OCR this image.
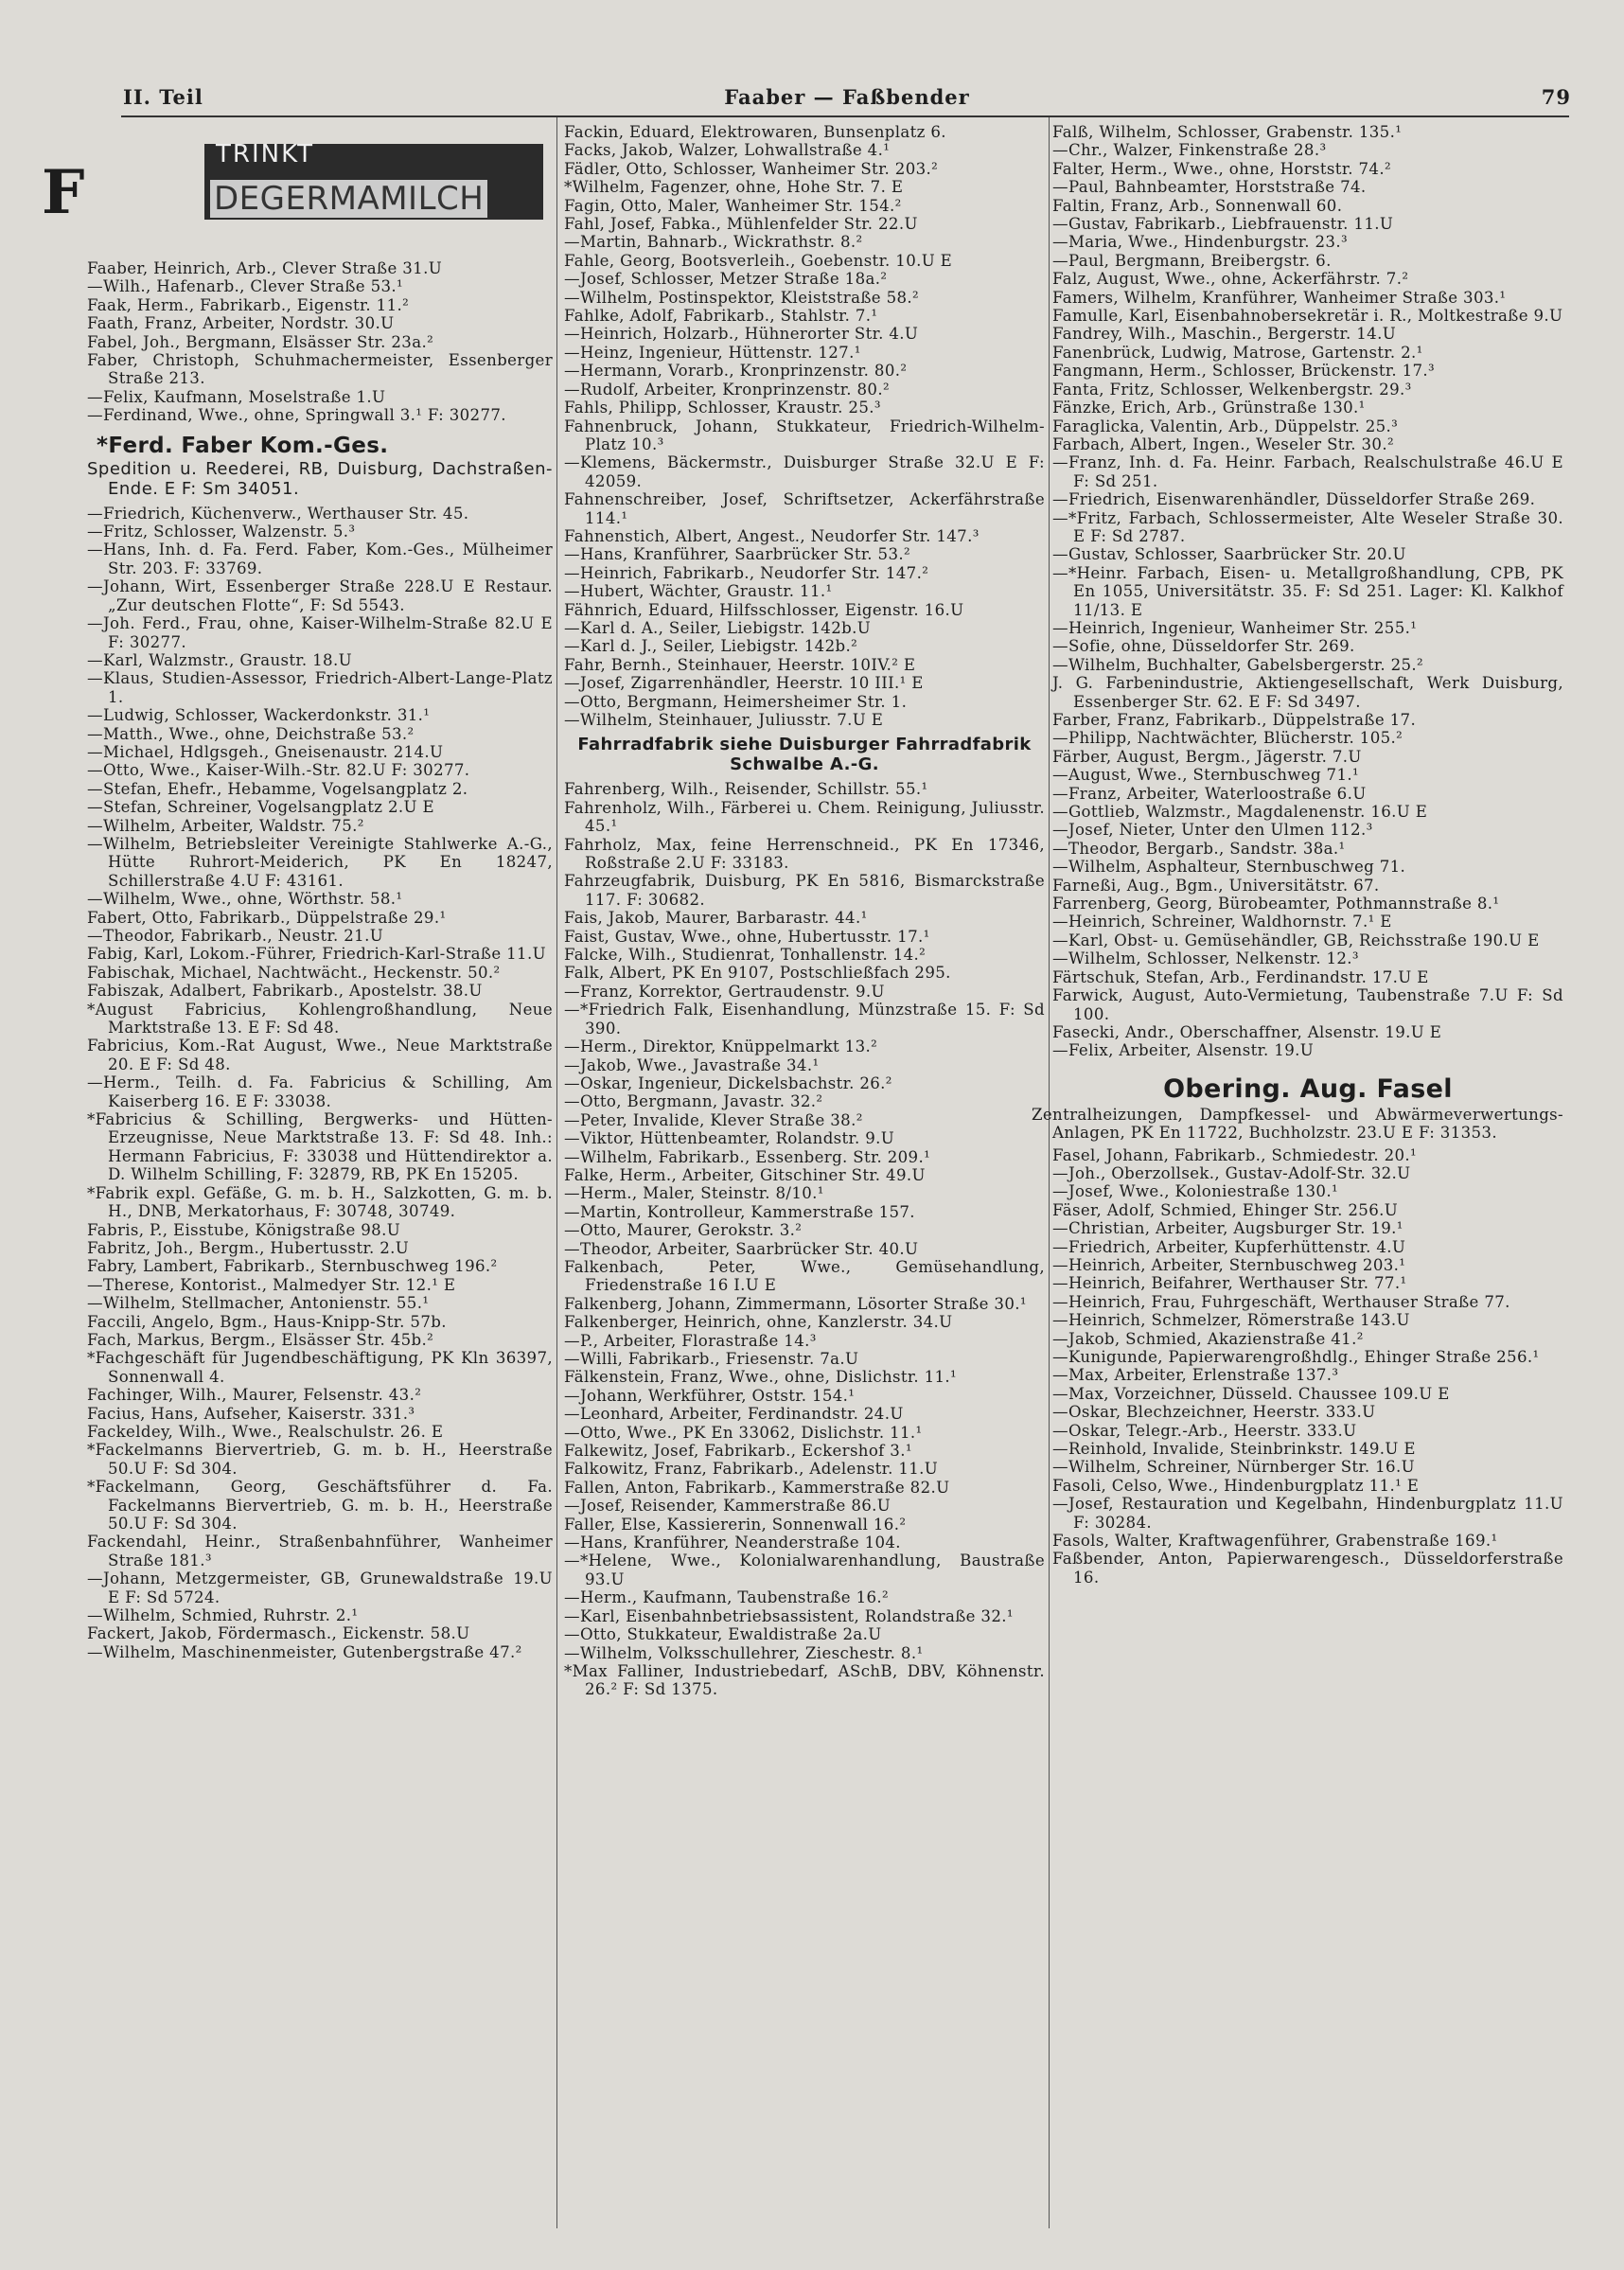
II. Teil	Faaber — Faßbender	79
TRINKT
DEGERMAMILCH
F
Faaber, Heinrich, Arb., Clever Straße 31.U
—Wilh., Hafenarb., Clever Straße 53.¹
Faak, Herm., Fabrikarb., Eigenstr. 11.²
Faath, Franz, Arbeiter, Nordstr. 30.U
Fabel, Joh., Bergmann, Elsässer Str. 23a.²
Faber, Christoph, Schuhmachermeister, Essenberger Straße 213.
—Felix, Kaufmann, Moselstraße 1.U
—Ferdinand, Wwe., ohne, Springwall 3.¹ F: 30277.
*Ferd. Faber Kom.-Ges.
Spedition u. Reederei, RB, Duisburg, Dachstraßen-Ende. E F: Sm 34051.
—Friedrich, Küchenverw., Werthauser Str. 45.
—Fritz, Schlosser, Walzenstr. 5.³
—Hans, Inh. d. Fa. Ferd. Faber, Kom.-Ges., Mülheimer Str. 203. F: 33769.
—Johann, Wirt, Essenberger Straße 228.U E Restaur. „Zur deutschen Flotte“, F: Sd 5543.
—Joh. Ferd., Frau, ohne, Kaiser-Wilhelm-Straße 82.U E F: 30277.
—Karl, Walzmstr., Graustr. 18.U
—Klaus, Studien-Assessor, Friedrich-Albert-Lange-Platz 1.
—Ludwig, Schlosser, Wackerdonkstr. 31.¹
—Matth., Wwe., ohne, Deichstraße 53.²
—Michael, Hdlgsgeh., Gneisenaustr. 214.U
—Otto, Wwe., Kaiser-Wilh.-Str. 82.U F: 30277.
—Stefan, Ehefr., Hebamme, Vogelsangplatz 2.
—Stefan, Schreiner, Vogelsangplatz 2.U E
—Wilhelm, Arbeiter, Waldstr. 75.²
—Wilhelm, Betriebsleiter Vereinigte Stahlwerke A.-G., Hütte Ruhrort-Meiderich, PK En 18247, Schillerstraße 4.U F: 43161.
—Wilhelm, Wwe., ohne, Wörthstr. 58.¹
Fabert, Otto, Fabrikarb., Düppelstraße 29.¹
—Theodor, Fabrikarb., Neustr. 21.U
Fabig, Karl, Lokom.-Führer, Friedrich-Karl-Straße 11.U
Fabischak, Michael, Nachtwächt., Heckenstr. 50.²
Fabiszak, Adalbert, Fabrikarb., Apostelstr. 38.U
*August Fabricius, Kohlengroßhandlung, Neue Marktstraße 13. E F: Sd 48.
Fabricius, Kom.-Rat August, Wwe., Neue Marktstraße 20. E F: Sd 48.
—Herm., Teilh. d. Fa. Fabricius & Schilling, Am Kaiserberg 16. E F: 33038.
*Fabricius & Schilling, Bergwerks- und Hütten-Erzeugnisse, Neue Marktstraße 13. F: Sd 48. Inh.: Hermann Fabricius, F: 33038 und Hüttendirektor a. D. Wilhelm Schilling, F: 32879, RB, PK En 15205.
*Fabrik expl. Gefäße, G. m. b. H., Salzkotten, G. m. b. H., DNB, Merkatorhaus, F: 30748, 30749.
Fabris, P., Eisstube, Königstraße 98.U
Fabritz, Joh., Bergm., Hubertusstr. 2.U
Fabry, Lambert, Fabrikarb., Sternbuschweg 196.²
—Therese, Kontorist., Malmedyer Str. 12.¹ E
—Wilhelm, Stellmacher, Antonienstr. 55.¹
Faccili, Angelo, Bgm., Haus-Knipp-Str. 57b.
Fach, Markus, Bergm., Elsässer Str. 45b.²
*Fachgeschäft für Jugendbeschäftigung, PK Kln 36397, Sonnenwall 4.
Fachinger, Wilh., Maurer, Felsenstr. 43.²
Facius, Hans, Aufseher, Kaiserstr. 331.³
Fackeldey, Wilh., Wwe., Realschulstr. 26. E
*Fackelmanns Biervertrieb, G. m. b. H., Heerstraße 50.U F: Sd 304.
*Fackelmann, Georg, Geschäftsführer d. Fa. Fackelmanns Biervertrieb, G. m. b. H., Heerstraße 50.U F: Sd 304.
Fackendahl, Heinr., Straßenbahnführer, Wanheimer Straße 181.³
—Johann, Metzgermeister, GB, Grunewaldstraße 19.U E F: Sd 5724.
—Wilhelm, Schmied, Ruhrstr. 2.¹
Fackert, Jakob, Fördermasch., Eickenstr. 58.U
—Wilhelm, Maschinenmeister, Gutenbergstraße 47.²
Fackin, Eduard, Elektrowaren, Bunsenplatz 6.
Facks, Jakob, Walzer, Lohwallstraße 4.¹
Fädler, Otto, Schlosser, Wanheimer Str. 203.²
*Wilhelm, Fagenzer, ohne, Hohe Str. 7. E
Fagin, Otto, Maler, Wanheimer Str. 154.²
Fahl, Josef, Fabka., Mühlenfelder Str. 22.U
—Martin, Bahnarb., Wickrathstr. 8.²
Fahle, Georg, Bootsverleih., Goebenstr. 10.U E
—Josef, Schlosser, Metzer Straße 18a.²
—Wilhelm, Postinspektor, Kleiststraße 58.²
Fahlke, Adolf, Fabrikarb., Stahlstr. 7.¹
—Heinrich, Holzarb., Hühnerorter Str. 4.U
—Heinz, Ingenieur, Hüttenstr. 127.¹
—Hermann, Vorarb., Kronprinzenstr. 80.²
—Rudolf, Arbeiter, Kronprinzenstr. 80.²
Fahls, Philipp, Schlosser, Kraustr. 25.³
Fahnenbruck, Johann, Stukkateur, Friedrich-Wilhelm-Platz 10.³
—Klemens, Bäckermstr., Duisburger Straße 32.U E F: 42059.
Fahnenschreiber, Josef, Schriftsetzer, Ackerfährstraße 114.¹
Fahnenstich, Albert, Angest., Neudorfer Str. 147.³
—Hans, Kranführer, Saarbrücker Str. 53.²
—Heinrich, Fabrikarb., Neudorfer Str. 147.²
—Hubert, Wächter, Graustr. 11.¹
Fähnrich, Eduard, Hilfsschlosser, Eigenstr. 16.U
—Karl d. A., Seiler, Liebigstr. 142b.U
—Karl d. J., Seiler, Liebigstr. 142b.²
Fahr, Bernh., Steinhauer, Heerstr. 10IV.² E
—Josef, Zigarrenhändler, Heerstr. 10 III.¹ E
—Otto, Bergmann, Heimersheimer Str. 1.
—Wilhelm, Steinhauer, Juliusstr. 7.U E
Fahrradfabrik siehe Duisburger Fahrradfabrik Schwalbe A.-G.
Fahrenberg, Wilh., Reisender, Schillstr. 55.¹
Fahrenholz, Wilh., Färberei u. Chem. Reinigung, Juliusstr. 45.¹
Fahrholz, Max, feine Herrenschneid., PK En 17346, Roßstraße 2.U F: 33183.
Fahrzeugfabrik, Duisburg, PK En 5816, Bismarckstraße 117. F: 30682.
Fais, Jakob, Maurer, Barbarastr. 44.¹
Faist, Gustav, Wwe., ohne, Hubertusstr. 17.¹
Falcke, Wilh., Studienrat, Tonhallenstr. 14.²
Falk, Albert, PK En 9107, Postschließfach 295.
—Franz, Korrektor, Gertraudenstr. 9.U
—*Friedrich Falk, Eisenhandlung, Münzstraße 15. F: Sd 390.
—Herm., Direktor, Knüppelmarkt 13.²
—Jakob, Wwe., Javastraße 34.¹
—Oskar, Ingenieur, Dickelsbachstr. 26.²
—Otto, Bergmann, Javastr. 32.²
—Peter, Invalide, Klever Straße 38.²
—Viktor, Hüttenbeamter, Rolandstr. 9.U
—Wilhelm, Fabrikarb., Essenberg. Str. 209.¹
Falke, Herm., Arbeiter, Gitschiner Str. 49.U
—Herm., Maler, Steinstr. 8/10.¹
—Martin, Kontrolleur, Kammerstraße 157.
—Otto, Maurer, Gerokstr. 3.²
—Theodor, Arbeiter, Saarbrücker Str. 40.U
Falkenbach, Peter, Wwe., Gemüsehandlung, Friedenstraße 16 I.U E
Falkenberg, Johann, Zimmermann, Lösorter Straße 30.¹
Falkenberger, Heinrich, ohne, Kanzlerstr. 34.U
—P., Arbeiter, Florastraße 14.³
—Willi, Fabrikarb., Friesenstr. 7a.U
Fälkenstein, Franz, Wwe., ohne, Dislichstr. 11.¹
—Johann, Werkführer, Oststr. 154.¹
—Leonhard, Arbeiter, Ferdinandstr. 24.U
—Otto, Wwe., PK En 33062, Dislichstr. 11.¹
Falkewitz, Josef, Fabrikarb., Eckershof 3.¹
Falkowitz, Franz, Fabrikarb., Adelenstr. 11.U
Fallen, Anton, Fabrikarb., Kammerstraße 82.U
—Josef, Reisender, Kammerstraße 86.U
Faller, Else, Kassiererin, Sonnenwall 16.²
—Hans, Kranführer, Neanderstraße 104.
—*Helene, Wwe., Kolonialwarenhandlung, Baustraße 93.U
—Herm., Kaufmann, Taubenstraße 16.²
—Karl, Eisenbahnbetriebsassistent, Rolandstraße 32.¹
—Otto, Stukkateur, Ewaldistraße 2a.U
—Wilhelm, Volksschullehrer, Zieschestr. 8.¹
*Max Falliner, Industriebedarf, ASchB, DBV, Köhnenstr. 26.² F: Sd 1375.
Falß, Wilhelm, Schlosser, Grabenstr. 135.¹
—Chr., Walzer, Finkenstraße 28.³
Falter, Herm., Wwe., ohne, Horststr. 74.²
—Paul, Bahnbeamter, Horststraße 74.
Faltin, Franz, Arb., Sonnenwall 60.
—Gustav, Fabrikarb., Liebfrauenstr. 11.U
—Maria, Wwe., Hindenburgstr. 23.³
—Paul, Bergmann, Breibergstr. 6.
Falz, August, Wwe., ohne, Ackerfährstr. 7.²
Famers, Wilhelm, Kranführer, Wanheimer Straße 303.¹
Famulle, Karl, Eisenbahnobersekretär i. R., Moltkestraße 9.U
Fandrey, Wilh., Maschin., Bergerstr. 14.U
Fanenbrück, Ludwig, Matrose, Gartenstr. 2.¹
Fangmann, Herm., Schlosser, Brückenstr. 17.³
Fanta, Fritz, Schlosser, Welkenbergstr. 29.³
Fänzke, Erich, Arb., Grünstraße 130.¹
Faraglicka, Valentin, Arb., Düppelstr. 25.³
Farbach, Albert, Ingen., Weseler Str. 30.²
—Franz, Inh. d. Fa. Heinr. Farbach, Realschulstraße 46.U E F: Sd 251.
—Friedrich, Eisenwarenhändler, Düsseldorfer Straße 269.
—*Fritz, Farbach, Schlossermeister, Alte Weseler Straße 30. E F: Sd 2787.
—Gustav, Schlosser, Saarbrücker Str. 20.U
—*Heinr. Farbach, Eisen- u. Metallgroßhandlung, CPB, PK En 1055, Universitätstr. 35. F: Sd 251. Lager: Kl. Kalkhof 11/13. E
—Heinrich, Ingenieur, Wanheimer Str. 255.¹
—Sofie, ohne, Düsseldorfer Str. 269.
—Wilhelm, Buchhalter, Gabelsbergerstr. 25.²
J. G. Farbenindustrie, Aktiengesellschaft, Werk Duisburg, Essenberger Str. 62. E F: Sd 3497.
Farber, Franz, Fabrikarb., Düppelstraße 17.
—Philipp, Nachtwächter, Blücherstr. 105.²
Färber, August, Bergm., Jägerstr. 7.U
—August, Wwe., Sternbuschweg 71.¹
—Franz, Arbeiter, Waterloostraße 6.U
—Gottlieb, Walzmstr., Magdalenenstr. 16.U E
—Josef, Nieter, Unter den Ulmen 112.³
—Theodor, Bergarb., Sandstr. 38a.¹
—Wilhelm, Asphalteur, Sternbuschweg 71.
Farneßi, Aug., Bgm., Universitätstr. 67.
Farrenberg, Georg, Bürobeamter, Pothmannstraße 8.¹
—Heinrich, Schreiner, Waldhornstr. 7.¹ E
—Karl, Obst- u. Gemüsehändler, GB, Reichsstraße 190.U E
—Wilhelm, Schlosser, Nelkenstr. 12.³
Färtschuk, Stefan, Arb., Ferdinandstr. 17.U E
Farwick, August, Auto-Vermietung, Taubenstraße 7.U F: Sd 100.
Fasecki, Andr., Oberschaffner, Alsenstr. 19.U E
—Felix, Arbeiter, Alsenstr. 19.U
Obering. Aug. Fasel
Zentralheizungen, Dampfkessel- und Abwärmeverwertungs-Anlagen, PK En 11722, Buchholzstr. 23.U E F: 31353.
Fasel, Johann, Fabrikarb., Schmiedestr. 20.¹
—Joh., Oberzollsek., Gustav-Adolf-Str. 32.U
—Josef, Wwe., Koloniestraße 130.¹
Fäser, Adolf, Schmied, Ehinger Str. 256.U
—Christian, Arbeiter, Augsburger Str. 19.¹
—Friedrich, Arbeiter, Kupferhüttenstr. 4.U
—Heinrich, Arbeiter, Sternbuschweg 203.¹
—Heinrich, Beifahrer, Werthauser Str. 77.¹
—Heinrich, Frau, Fuhrgeschäft, Werthauser Straße 77.
—Heinrich, Schmelzer, Römerstraße 143.U
—Jakob, Schmied, Akazienstraße 41.²
—Kunigunde, Papierwarengroßhdlg., Ehinger Straße 256.¹
—Max, Arbeiter, Erlenstraße 137.³
—Max, Vorzeichner, Düsseld. Chaussee 109.U E
—Oskar, Blechzeichner, Heerstr. 333.U
—Oskar, Telegr.-Arb., Heerstr. 333.U
—Reinhold, Invalide, Steinbrinkstr. 149.U E
—Wilhelm, Schreiner, Nürnberger Str. 16.U
Fasoli, Celso, Wwe., Hindenburgplatz 11.¹ E
—Josef, Restauration und Kegelbahn, Hindenburgplatz 11.U F: 30284.
Fasols, Walter, Kraftwagenführer, Grabenstraße 169.¹
Faßbender, Anton, Papierwarengesch., Düsseldorferstraße 16.
